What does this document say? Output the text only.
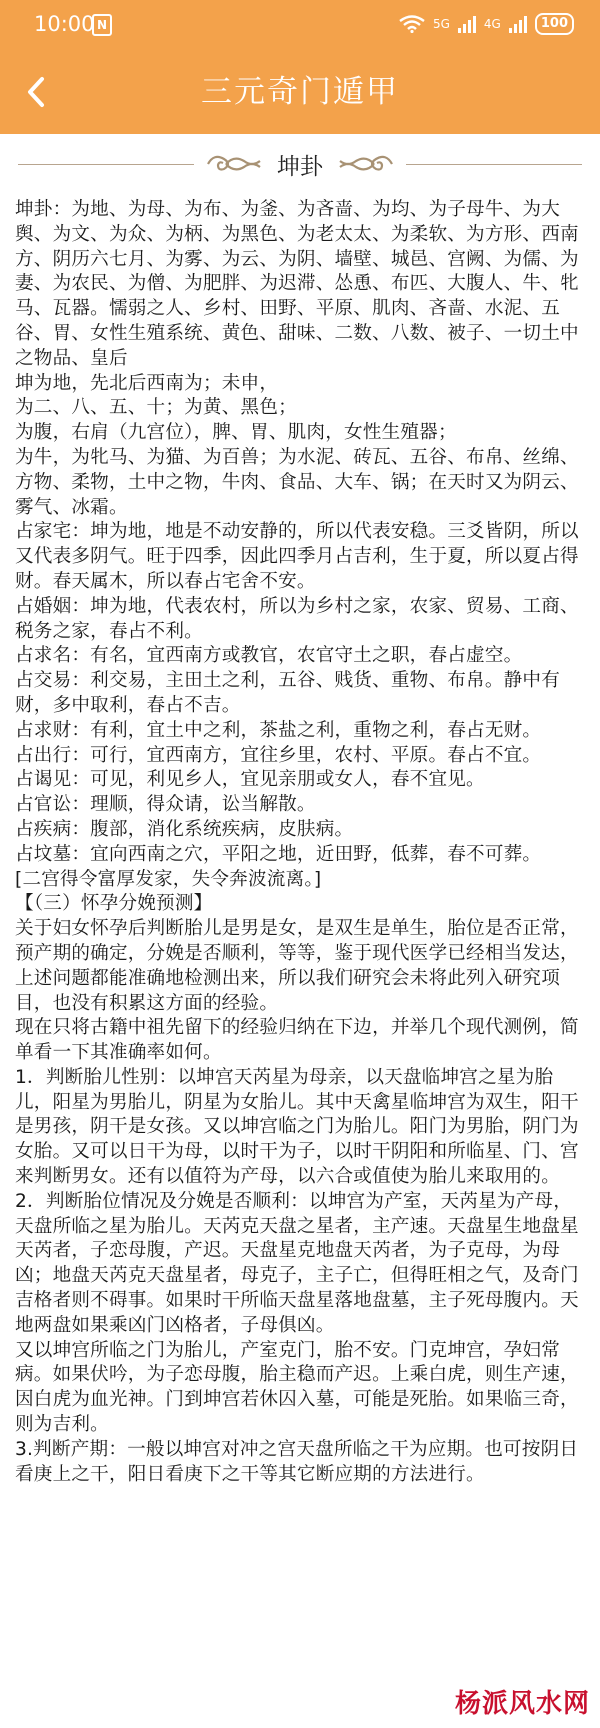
10:00 N	5G	4G	100
三元奇门遁甲
坤卦

坤卦：为地、为母、为布、为釜、为吝啬、为均、为子母牛、为大舆、为文、为众、为柄、为黑色、为老太太、为柔软、为方形、西南方、阴历六七月、为雾、为云、为阴、墙壁、城邑、宫阙、为儒、为妻、为农民、为僧、为肥胖、为迟滞、怂恿、布匹、大腹人、牛、牝马、瓦器。懦弱之人、乡村、田野、平原、肌肉、吝啬、水泥、五谷、胃、女性生殖系统、黄色、甜味、二数、八数、被子、一切土中之物品、皇后

坤为地，先北后西南为；未申，

为二、八、五、十；为黄、黑色；

为腹，右肩（九宫位），脾、胃、肌肉，女性生殖器；

为牛，为牝马、为猫、为百兽；为水泥、砖瓦、五谷、布帛、丝绵、方物、柔物，土中之物，牛肉、食品、大车、锅；在天时又为阴云、雾气、冰霜。

占家宅：坤为地，地是不动安静的，所以代表安稳。三爻皆阴，所以又代表多阴气。旺于四季，因此四季月占吉利，生于夏，所以夏占得财。春天属木，所以春占宅舍不安。

占婚姻：坤为地，代表农村，所以为乡村之家，农家、贸易、工商、税务之家，春占不利。

占求名：有名，宜西南方或教官，农官守土之职，春占虚空。

占交易：利交易，主田土之利，五谷、贱货、重物、布帛。静中有财，多中取利，春占不吉。

占求财：有利，宜土中之利，茶盐之利，重物之利，春占无财。

占出行：可行，宜西南方，宜往乡里，农村、平原。春占不宜。

占谒见：可见，利见乡人，宜见亲朋或女人，春不宜见。

占官讼：理顺，得众请，讼当解散。

占疾病：腹部，消化系统疾病，皮肤病。

占坟墓：宜向西南之穴，平阳之地，近田野，低葬，春不可葬。

[二宫得令富厚发家，失令奔波流离。]

【（三）怀孕分娩预测】

关于妇女怀孕后判断胎儿是男是女，是双生是单生，胎位是否正常，预产期的确定，分娩是否顺利，等等，鉴于现代医学已经相当发达，上述问题都能准确地检测出来，所以我们研究会未将此列入研究项目，也没有积累这方面的经验。

现在只将古籍中祖先留下的经验归纳在下边，并举几个现代测例，简单看一下其准确率如何。

1．判断胎儿性别：以坤宫天芮星为母亲，以天盘临坤宫之星为胎儿，阳星为男胎儿，阴星为女胎儿。其中天禽星临坤宫为双生，阳干是男孩，阴干是女孩。又以坤宫临之门为胎儿。阳门为男胎，阴门为女胎。又可以日干为母，以时干为子，以时干阴阳和所临星、门、宫来判断男女。还有以值符为产母，以六合或值使为胎儿来取用的。

2．判断胎位情况及分娩是否顺利：以坤宫为产室，天芮星为产母，天盘所临之星为胎儿。天芮克天盘之星者，主产速。天盘星生地盘星天芮者，子恋母腹，产迟。天盘星克地盘天芮者，为子克母，为母凶；地盘天芮克天盘星者，母克子，主子亡，但得旺相之气，及奇门吉格者则不碍事。如果时干所临天盘星落地盘墓，主子死母腹内。天地两盘如果乘凶门凶格者，子母俱凶。

又以坤宫所临之门为胎儿，产室克门，胎不安。门克坤宫，孕妇常病。如果伏吟，为子恋母腹，胎主稳而产迟。上乘白虎，则生产速，因白虎为血光神。门到坤宫若休囚入墓，可能是死胎。如果临三奇，则为吉利。

3.判断产期：一般以坤宫对冲之宫天盘所临之干为应期。也可按阴日看庚上之干，阳日看庚下之干等其它断应期的方法进行。

杨派风水网
